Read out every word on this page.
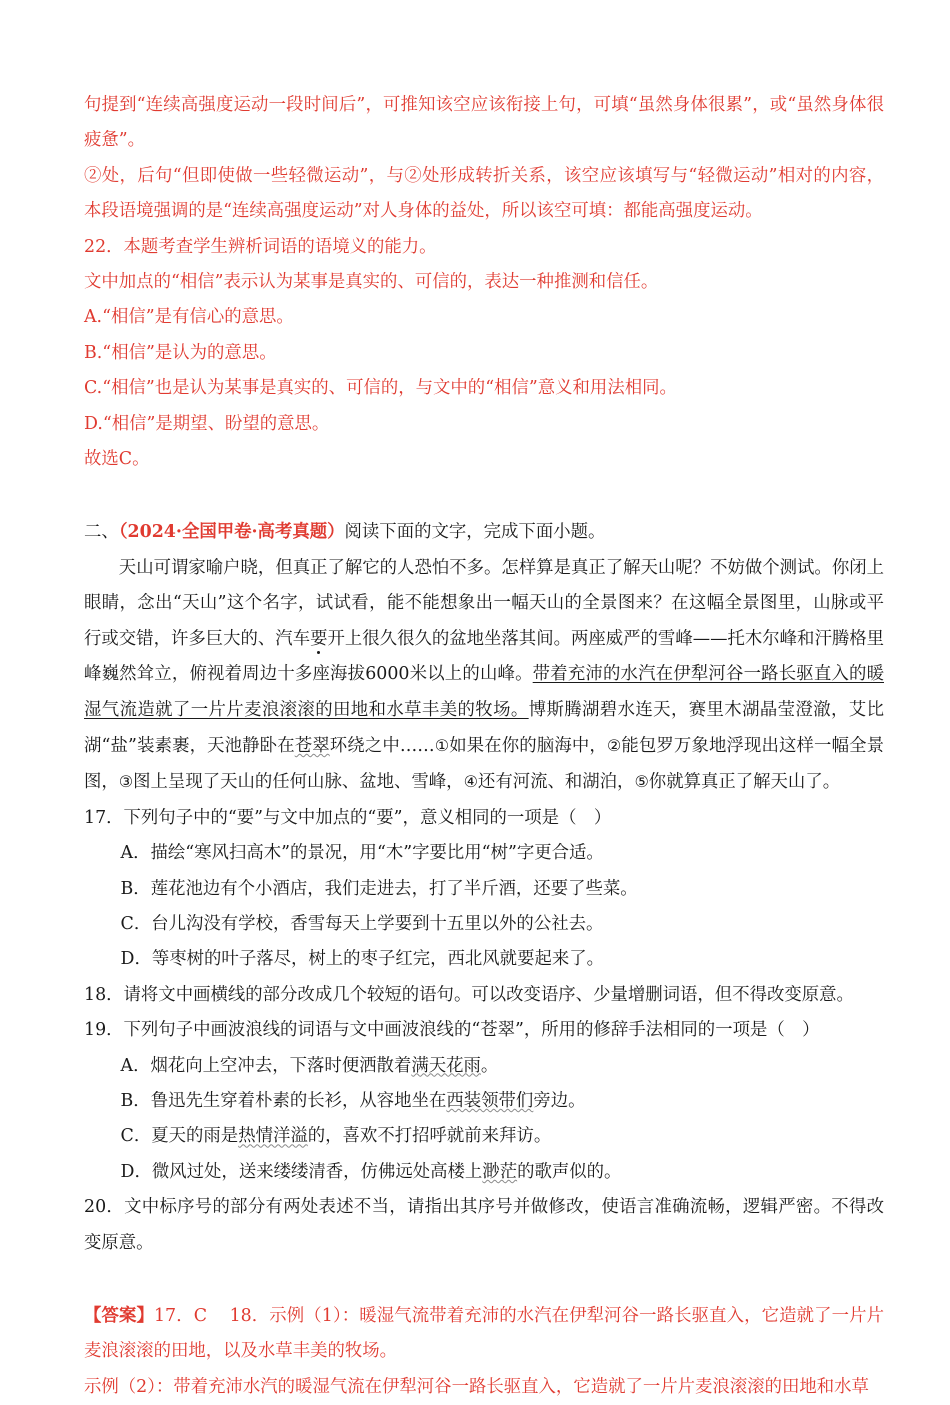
句提到“连续高强度运动一段时间后”，可推知该空应该衔接上句，可填“虽然身体很累”，或“虽然身体很疲惫”。

②处，后句“但即使做一些轻微运动”，与②处形成转折关系，该空应该填写与“轻微运动”相对的内容，本段语境强调的是“连续高强度运动”对人身体的益处，所以该空可填：都能高强度运动。

22．本题考查学生辨析词语的语境义的能力。

文中加点的“相信”表示认为某事是真实的、可信的，表达一种推测和信任。

A.“相信”是有信心的意思。

B.“相信”是认为的意思。

C.“相信”也是认为某事是真实的、可信的，与文中的“相信”意义和用法相同。

D.“相信”是期望、盼望的意思。

故选C。

二、（2024·全国甲卷·高考真题）阅读下面的文字，完成下面小题。

天山可谓家喻户晓，但真正了解它的人恐怕不多。怎样算是真正了解天山呢？不妨做个测试。你闭上眼睛，念出“天山”这个名字，试试看，能不能想象出一幅天山的全景图来？在这幅全景图里，山脉或平行或交错，许多巨大的、汽车要开上很久很久的盆地坐落其间。两座威严的雪峰——托木尔峰和汗腾格里峰巍然耸立，俯视着周边十多座海拔6000米以上的山峰。带着充沛的水汽在伊犁河谷一路长驱直入的暖湿气流造就了一片片麦浪滚滚的田地和水草丰美的牧场。博斯腾湖碧水连天，赛里木湖晶莹澄澈，艾比湖“盐”装素裹，天池静卧在苍翠环绕之中……①如果在你的脑海中，②能包罗万象地浮现出这样一幅全景图，③图上呈现了天山的任何山脉、盆地、雪峰，④还有河流、和湖泊，⑤你就算真正了解天山了。

17．下列句子中的“要”与文中加点的“要”，意义相同的一项是（　）

A．描绘“寒风扫高木”的景况，用“木”字要比用“树”字更合适。

B．莲花池边有个小酒店，我们走进去，打了半斤酒，还要了些菜。

C．台儿沟没有学校，香雪每天上学要到十五里以外的公社去。

D．等枣树的叶子落尽，树上的枣子红完，西北风就要起来了。

18．请将文中画横线的部分改成几个较短的语句。可以改变语序、少量增删词语，但不得改变原意。

19．下列句子中画波浪线的词语与文中画波浪线的“苍翠”，所用的修辞手法相同的一项是（　）

A．烟花向上空冲去，下落时便洒散着满天花雨。

B．鲁迅先生穿着朴素的长衫，从容地坐在西装领带们旁边。

C．夏天的雨是热情洋溢的，喜欢不打招呼就前来拜访。

D．微风过处，送来缕缕清香，仿佛远处高楼上渺茫的歌声似的。

20．文中标序号的部分有两处表述不当，请指出其序号并做修改，使语言准确流畅，逻辑严密。不得改变原意。

【答案】17．C 18．示例（1）：暖湿气流带着充沛的水汽在伊犁河谷一路长驱直入，它造就了一片片麦浪滚滚的田地，以及水草丰美的牧场。

示例（2）：带着充沛水汽的暖湿气流在伊犁河谷一路长驱直入，它造就了一片片麦浪滚滚的田地和水草
